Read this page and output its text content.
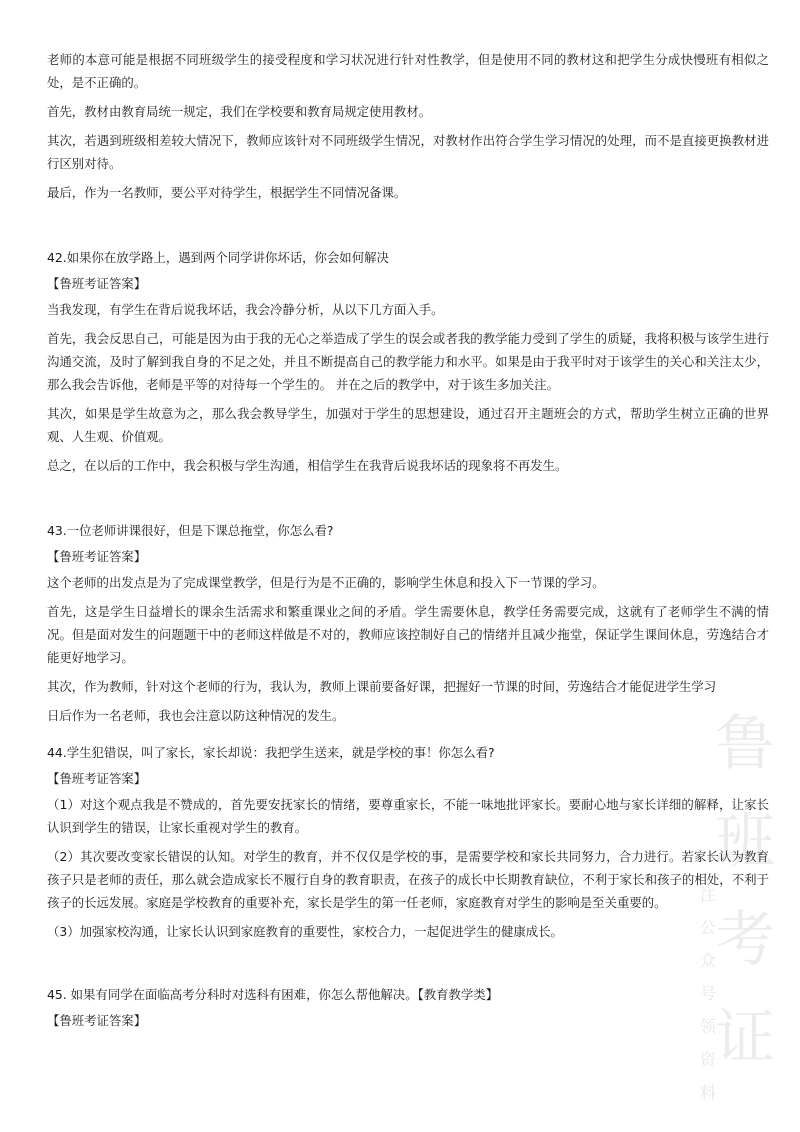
老师的本意可能是根据不同班级学生的接受程度和学习状况进行针对性教学，但是使用不同的教材这和把学生分成快慢班有相似之处，是不正确的。

首先，教材由教育局统一规定，我们在学校要和教育局规定使用教材。

其次，若遇到班级相差较大情况下，教师应该针对不同班级学生情况，对教材作出符合学生学习情况的处理，而不是直接更换教材进行区别对待。

最后，作为一名教师，要公平对待学生，根据学生不同情况备课。

42.如果你在放学路上，遇到两个同学讲你坏话，你会如何解决

【鲁班考证答案】

当我发现，有学生在背后说我坏话，我会冷静分析，从以下几方面入手。

首先，我会反思自己，可能是因为由于我的无心之举造成了学生的误会或者我的教学能力受到了学生的质疑，我将积极与该学生进行沟通交流，及时了解到我自身的不足之处，并且不断提高自己的教学能力和水平。如果是由于我平时对于该学生的关心和关注太少，那么我会告诉他，老师是平等的对待每一个学生的。 并在之后的教学中，对于该生多加关注。

其次，如果是学生故意为之，那么我会教导学生，加强对于学生的思想建设，通过召开主题班会的方式，帮助学生树立正确的世界观、人生观、价值观。

总之，在以后的工作中，我会积极与学生沟通，相信学生在我背后说我坏话的现象将不再发生。

43.一位老师讲课很好，但是下课总拖堂，你怎么看?

【鲁班考证答案】

这个老师的出发点是为了完成课堂教学，但是行为是不正确的，影响学生休息和投入下一节课的学习。

首先，这是学生日益增长的课余生活需求和繁重课业之间的矛盾。学生需要休息，教学任务需要完成，这就有了老师学生不满的情况。但是面对发生的问题题干中的老师这样做是不对的，教师应该控制好自己的情绪并且减少拖堂，保证学生课间休息，劳逸结合才能更好地学习。

其次，作为教师，针对这个老师的行为，我认为，教师上课前要备好课，把握好一节课的时间，劳逸结合才能促进学生学习

日后作为一名老师，我也会注意以防这种情况的发生。

44.学生犯错误，叫了家长，家长却说：我把学生送来，就是学校的事！你怎么看?

【鲁班考证答案】

（1）对这个观点我是不赞成的，首先要安抚家长的情绪，要尊重家长，不能一味地批评家长。要耐心地与家长详细的解释，让家长认识到学生的错误，让家长重视对学生的教育。

（2）其次要改变家长错误的认知。对学生的教育，并不仅仅是学校的事，是需要学校和家长共同努力，合力进行。若家长认为教育孩子只是老师的责任，那么就会造成家长不履行自身的教育职责，在孩子的成长中长期教育缺位，不利于家长和孩子的相处，不利于孩子的长远发展。家庭是学校教育的重要补充，家长是学生的第一任老师，家庭教育对学生的影响是至关重要的。

（3）加强家校沟通，让家长认识到家庭教育的重要性，家校合力，一起促进学生的健康成长。

45. 如果有同学在面临高考分科时对选科有困难，你怎么帮他解决。【教育教学类】

【鲁班考证答案】

鲁
班
考
证
注
公
众
号
领
资
料
